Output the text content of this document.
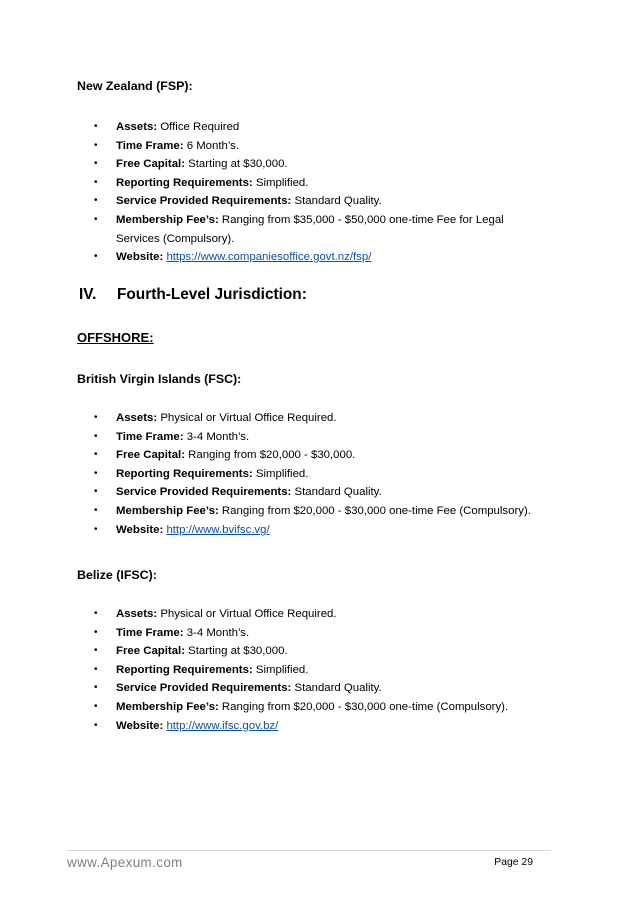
New Zealand (FSP):
• Assets: Office Required
• Time Frame: 6 Month’s.
• Free Capital: Starting at $30,000.
• Reporting Requirements: Simplified.
• Service Provided Requirements: Standard Quality.
• Membership Fee’s: Ranging from $35,000 - $50,000 one-time Fee for Legal Services (Compulsory).
• Website: https://www.companiesoffice.govt.nz/fsp/
IV. Fourth-Level Jurisdiction:
OFFSHORE:
British Virgin Islands (FSC):
• Assets: Physical or Virtual Office Required.
• Time Frame: 3-4 Month’s.
• Free Capital: Ranging from $20,000 - $30,000.
• Reporting Requirements: Simplified.
• Service Provided Requirements: Standard Quality.
• Membership Fee’s: Ranging from $20,000 - $30,000 one-time Fee (Compulsory).
• Website: http://www.bvifsc.vg/
Belize (IFSC):
• Assets: Physical or Virtual Office Required.
• Time Frame: 3-4 Month’s.
• Free Capital: Starting at $30,000.
• Reporting Requirements: Simplified.
• Service Provided Requirements: Standard Quality.
• Membership Fee’s: Ranging from $20,000 - $30,000 one-time (Compulsory).
• Website: http://www.ifsc.gov.bz/
www.Apexum.com	Page 29
